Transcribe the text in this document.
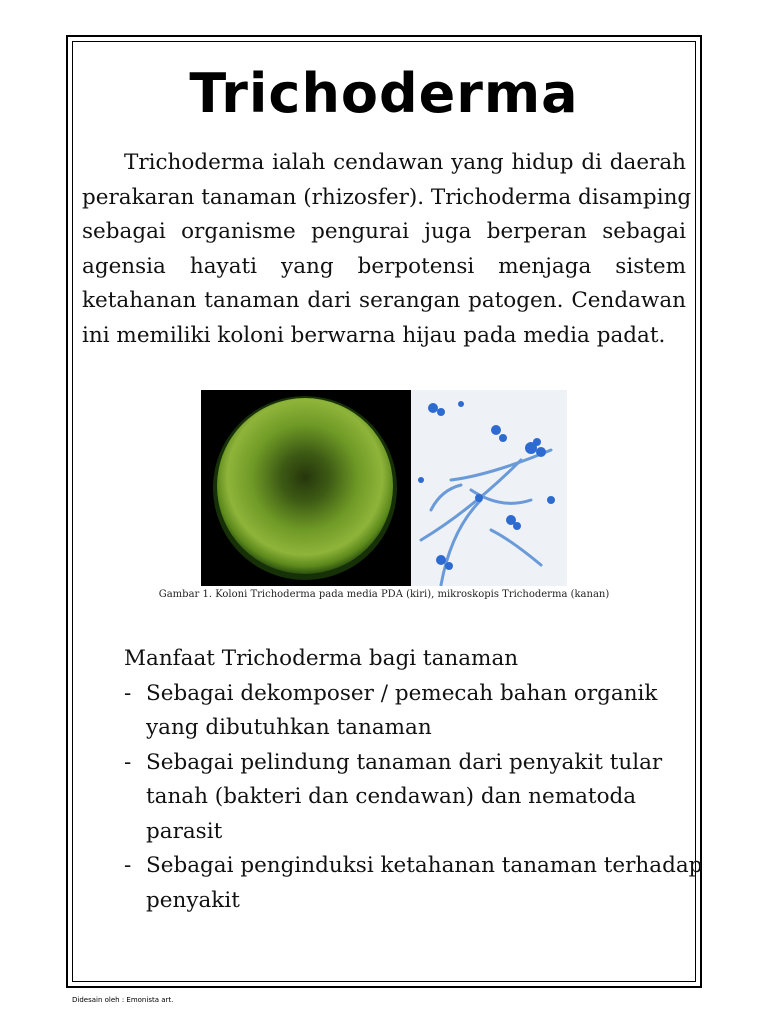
Trichoderma
Trichoderma ialah cendawan yang hidup di daerah
perakaran tanaman (rhizosfer). Trichoderma disamping
sebagai organisme pengurai juga berperan sebagai
agensia hayati yang berpotensi menjaga sistem
ketahanan tanaman dari serangan patogen. Cendawan
ini memiliki koloni berwarna hijau pada media padat.
Gambar 1. Koloni Trichoderma pada media PDA (kiri), mikroskopis Trichoderma (kanan)
Manfaat Trichoderma bagi tanaman
- Sebagai dekomposer / pemecah bahan organik
yang dibutuhkan tanaman
- Sebagai pelindung tanaman dari penyakit tular
tanah (bakteri dan cendawan) dan nematoda
parasit
- Sebagai penginduksi ketahanan tanaman terhadap
penyakit
Didesain oleh : Emonista art.
